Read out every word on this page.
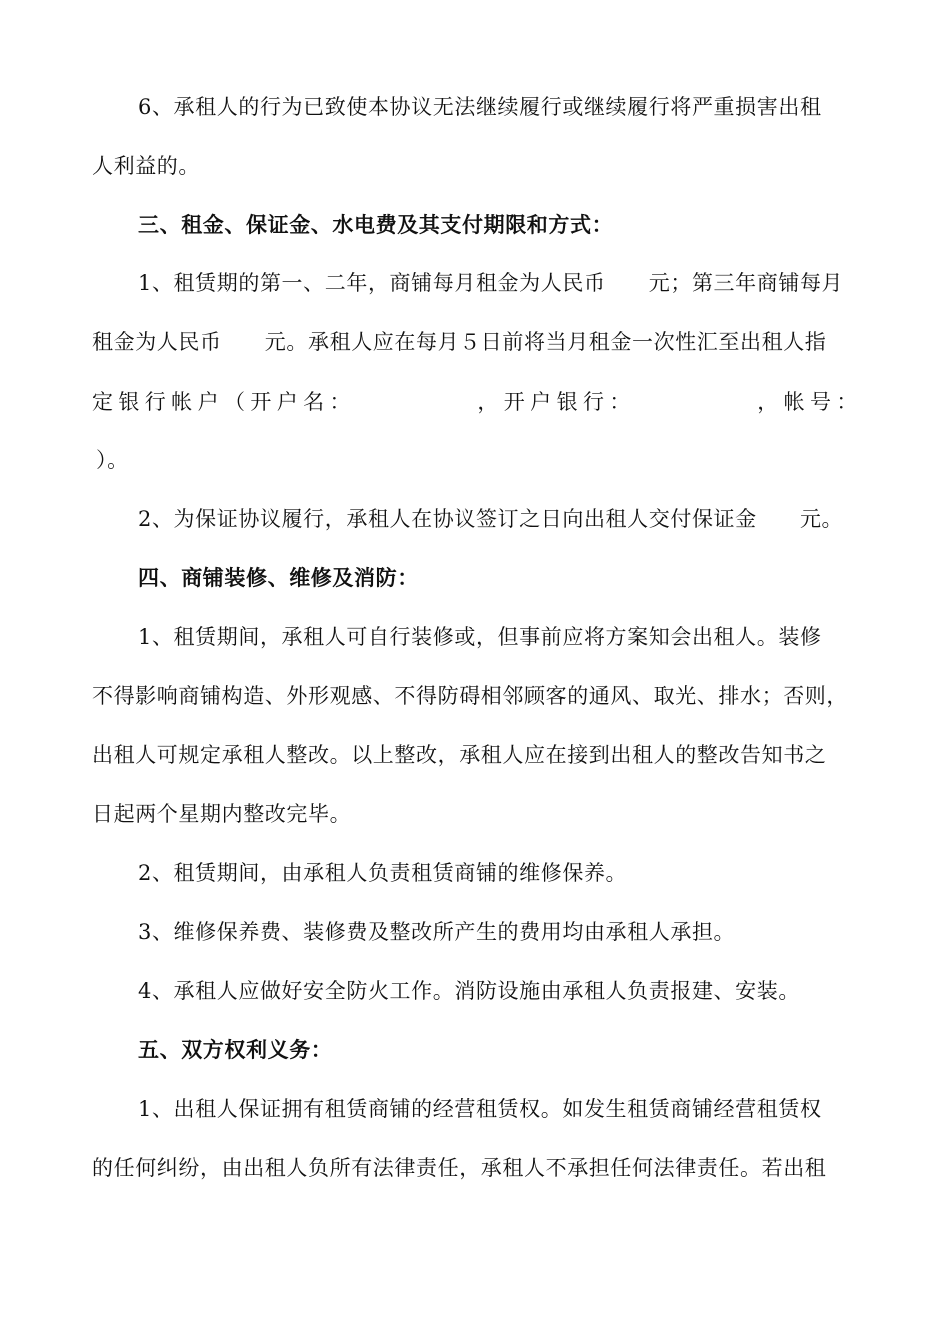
6、承租人的行为已致使本协议无法继续履行或继续履行将严重损害出租
人利益的。
三、租金、保证金、水电费及其支付期限和方式：
1、租赁期的第一、二年，商铺每月租金为人民币　　元；第三年商铺每月
租金为人民币　　元。承租人应在每月５日前将当月租金一次性汇至出租人指
定银行帐户（开户名：　　　　　，开户银行：　　　　　，帐号：
）。
2、为保证协议履行，承租人在协议签订之日向出租人交付保证金　　元。
四、商铺装修、维修及消防：
1、租赁期间，承租人可自行装修或，但事前应将方案知会出租人。装修
不得影响商铺构造、外形观感、不得防碍相邻顾客的通风、取光、排水；否则，
出租人可规定承租人整改。以上整改，承租人应在接到出租人的整改告知书之
日起两个星期内整改完毕。
2、租赁期间，由承租人负责租赁商铺的维修保养。
3、维修保养费、装修费及整改所产生的费用均由承租人承担。
4、承租人应做好安全防火工作。消防设施由承租人负责报建、安装。
五、双方权利义务：
1、出租人保证拥有租赁商铺的经营租赁权。如发生租赁商铺经营租赁权
的任何纠纷，由出租人负所有法律责任，承租人不承担任何法律责任。若出租
